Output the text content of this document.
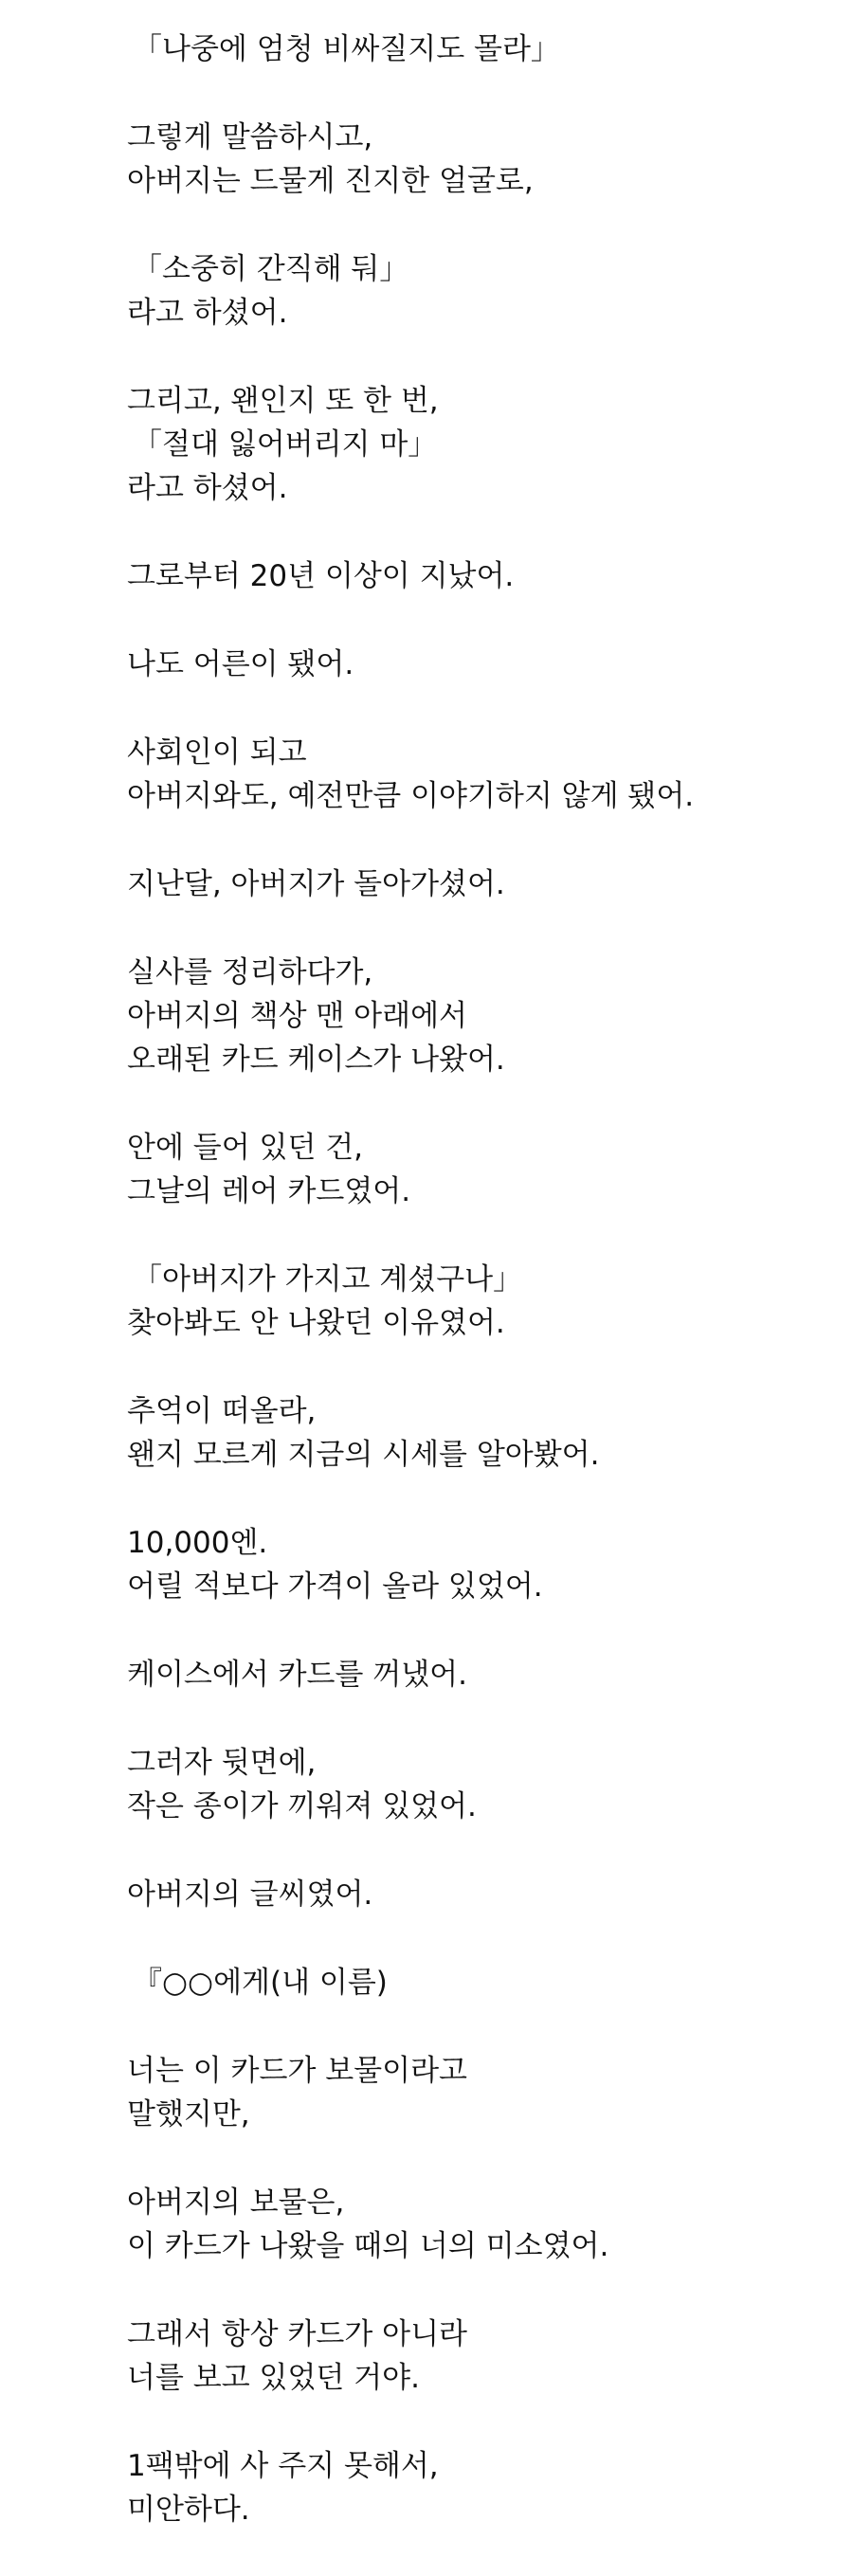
「나중에 엄청 비싸질지도 몰라」
그렇게 말씀하시고,
아버지는 드물게 진지한 얼굴로,
「소중히 간직해 둬」
라고 하셨어.
그리고, 왠인지 또 한 번,
「절대 잃어버리지 마」
라고 하셨어.
그로부터 20년 이상이 지났어.
나도 어른이 됐어.
사회인이 되고
아버지와도, 예전만큼 이야기하지 않게 됐어.
지난달, 아버지가 돌아가셨어.
실사를 정리하다가,
아버지의 책상 맨 아래에서
오래된 카드 케이스가 나왔어.
안에 들어 있던 건,
그날의 레어 카드였어.
「아버지가 가지고 계셨구나」
찾아봐도 안 나왔던 이유였어.
추억이 떠올라,
왠지 모르게 지금의 시세를 알아봤어.
10,000엔.
어릴 적보다 가격이 올라 있었어.
케이스에서 카드를 꺼냈어.
그러자 뒷면에,
작은 종이가 끼워져 있었어.
아버지의 글씨였어.
『○○에게(내 이름)
너는 이 카드가 보물이라고
말했지만,
아버지의 보물은,
이 카드가 나왔을 때의 너의 미소였어.
그래서 항상 카드가 아니라
너를 보고 있었던 거야.
1팩밖에 사 주지 못해서,
미안하다.
